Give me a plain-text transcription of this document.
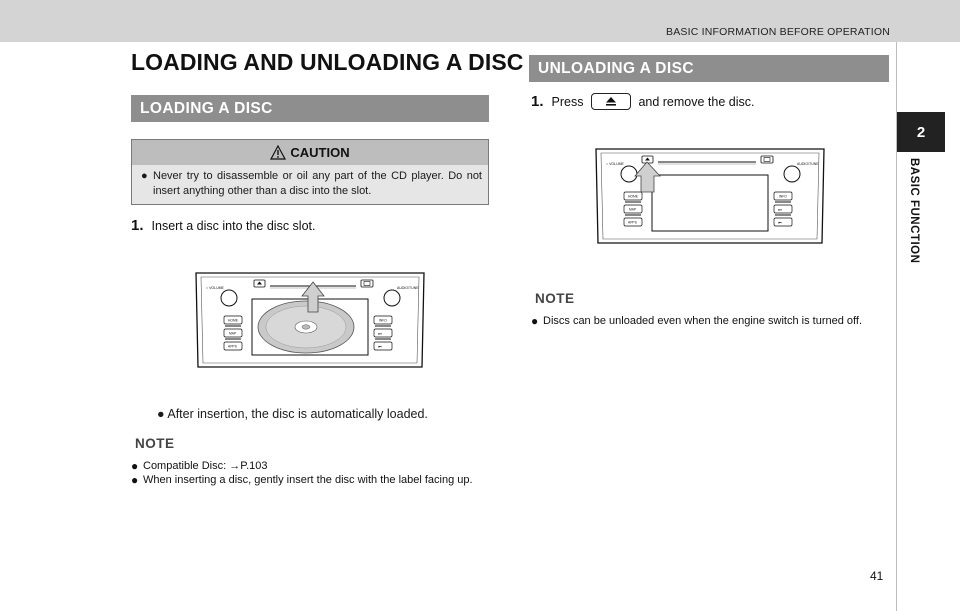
BASIC INFORMATION BEFORE OPERATION
2
BASIC FUNCTION
LOADING AND UNLOADING A DISC
LOADING A DISC
CAUTION
● Never try to disassemble or oil any part of the CD player. Do not insert anything other than a disc into the slot.
1. Insert a disc into the disc slot.
○ VOLUME	AUDIO/TUNE
HOME
MAP
APPS
INFO
⏭
⏮
● After insertion, the disc is automatically loaded.
NOTE
● Compatible Disc: →P.103
● When inserting a disc, gently insert the disc with the label facing up.
UNLOADING A DISC
1. Press	and remove the disc.
○ VOLUME	AUDIO/TUNE
HOME
MAP
APPS
INFO
⏭
⏮
NOTE
● Discs can be unloaded even when the engine switch is turned off.
41
